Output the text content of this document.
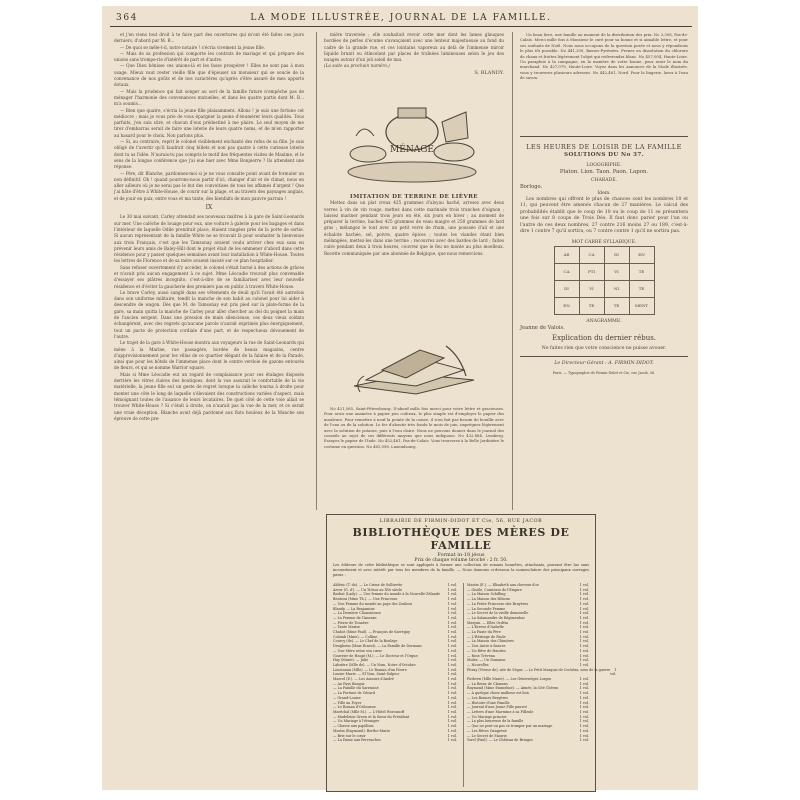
364	LA MODE ILLUSTRÉE, JOURNAL DE LA FAMILLE.

et j'en viens tout droit à te faire part des ouvertures qui m'ont été faites ces jours derniers, d'abord par M. B...

— De quoi se mêle-t-il, notre notaire ! s'écria vivement la jeune fille.

— Mais de sa profession qui comporte les contrats de mariage et qui prépare des unions sans trompe-rie d'intérêt de part et d'autre.

— Que Dieu bénisse ces unions-là et les fasse prospérer ! Elles ne sont pas à mon usage. Mieux vaut rester vieille fille que d'épouser un monsieur qui se soucie de la convenance de nos goûts et de nos caractères qu'après s'être assuré de mes apports dotaux.

— Mais la prudence qui fait songer au sort de la famille future n'empêche pas de ménager l'harmonie des convenances mutuelles, et dans les quatre partis dont M. B... m'a soumis...

— Bien que quatre, s'écria la jeune fille plaisamment. Allons ! je suis une fortune cet médiocre ; mais je vous prie de vous épargner la peine d'énumérer leurs qualités. Tous parfaits, j'en suis sûre, et chacun d'eux prédestiné à me plaire. Le seul moyen de me tirer d'embarras serait de faire une loterie de leurs quatre noms, et de m'en rapporter au hasard pour le choix. Non parlons plus.

— Si, au contraire, reprit le colonel visiblement enchanté des refus de sa fille. Je suis obligé de t'avertir qu'il faudrait cinq billets et non pas quatre à cette curieuse loterie dont tu as l'idée. N'aurais-tu pas compris le motif des fréquentes visites de Maxime, et le sens de la longue conférence que j'ai eue hier avec Mme Bonpierre ? Ils attendent une réponse.

— Père, dit Blanche, pardonnez-moi si je ne vous consulte point avant de formuler un non définitif. Oh ! quand pourrons-nous partir d'ici, changer d'air et de climat, nous en aller ailleurs où je ne serai pas le but des convoitises de tous les affamés d'argent ! Que j'ai hâte d'être à White-House, de courir sur la plage, et au travers des paysages anglais, et de jouir en paix, entre vous et ma tante, des bienfaits de mon pauvre parrain !

IX

Le 30 mai suivant, Carley attendait ses nouveaux maîtres à la gare de Saint-Leonards sur mer. Une calèche de louage pour eux, une voiture à galerie pour les bagages et dans l'intérieur de laquelle Odile prendrait place, étaient rangées près de la porte de sortie. Si aucun représentant de la famille White ne se trouvait là pour souhaiter la bienvenue aux trois Français, c'est que les Tamsonay avaient voulu arriver chez eux sans en prévenir leurs amis de Baley-Hill dont le projet était de les emmener d'abord dans cette résidence pour y passer quelques semaines avant leur installation à White-House. Toutes les lettres de Florence et de sa mère avaient insisté sur ce plan hospitalier.

Sans refuser ouvertement d'y accéder, le colonel s'était borné à des actions de grâces et n'avait pris aucun engagement à ce sujet. Mme Léocadie trouvait plus convenable d'essayer ses plâtres incognito, c'est-à-dire de se familiariser avec leur nouvelle résidence et d'éviter la gaucherie des premiers pas en public à travers White-House.

Le brave Carley, aussi sanglé dans ses vêtements de deuil qu'il l'avait été autrefois dans son uniforme militaire, tendit la manche de son habit au colonel pour lui aider à descendre de wagon. Dès que M. de Tamsonay eut pris pied sur la plate-forme de la gare, sa main quitta la manche de Carley pour aller chercher au del du poignet la main de l'ancien sergent. Dans une pression de main silencieuse, ces deux vieux soldats échangèrent, avec des regrets qu'aucune parole n'aurait exprimés plus énergiquement, tout un pacte de protection cordiale d'une part, et de respectueux dévouement de l'autre.

Le trajet de la gare à White-House montra aux voyageurs la rue de Saint-Leonards qui mène à la Marine, rue passagère, bordée de beaux magasins, centre d'approvisionnement pour les villas de ce quartier élégant de la falaise et de la Parade, ainsi que pour les hôtels de l'immense place dont le centre verdoie de gazons entourés de fleurs, et qui se nomme Warrior square.

Mais si Mme Léocadie eut un regard de complaisance pour ces étalages disposés derrière les vitres claires des boutiques, dont la vue assurait le confortable de la vie matérielle, la jeune fille eut un geste de regret lorsque la calèche tourna à droite pour monter une côte le long de laquelle s'élevaient des constructions variées d'aspect, mais témoignant toutes de l'aisance de leurs locataires. De quel côté de cette voie allait se trouver White-House ? Si c'était à droite, on n'aurait pas la vue de la mer, et ce serait une vraie déception. Blanche avait déjà pardonné aux flots houleux de la Manche son épreuve de cette pre-

mière traversée ; elle souhaitait revoir cette mer dont les lames glauques bordées de perles d'écume s'avançaient avec une lenteur majestueuse au fond du cadre de la grande rue, et ces lointains vaporeux au delà de l'immense miroir liquide brunit ou étincelant par places de traînées lumineuses selon le jeu des nuages autour d'un joli soleil de mai.

(La suite au prochain numéro.)
S. BLANDY.
MÉNAGE
IMITATION DE TERRINE DE LIÈVRE

Mettez dans un plat creux 425 grammes d'aloyau haché, arrosez avec deux verres à vin de vin rouge, mettez dans cette marinade trois tranches d'oignon ; laissez mariner pendant trois jours en été, six jours en hiver ; au moment de préparer la terrine, hachez 425 grammes de veau maigre et 250 grammes de lard gras ; mélangez le tout avec un petit verre de rhum, une poussée d'ail et une échalote hachée, sel, poivre, quatre épices ; toutes les viandes étant bien mélangées, mettez-les dans une terrine ; recouvrez avec des bardes de lard ; faites cuire pendant deux à trois heures, couvrez que le feu ne monte au plus moelleux. Recette communiquée par une abonnée de Belgique, que nous remercions.

No 421,565, Saint-Pétersbourg. D'abord mille fois merci pour votre lettre et gracieuses. Pour avoir une anamèse à papier peu coûteux, le plus simple est d'employer le papier des mouleurs. Pour remettre à neuf la pointe de la caisse, il n'en fait pas besoin de bouillir avec de l'eau ou de la solution. Le fer d'aboutir très fondu le mois de juin, imprégnez légèrement avec la solution de potasse, puis à l'eau claire. Nous ne pouvons donner dans le journal des conseils au sujet de ces différents moyens que nous indiquons. No 432,884, Lemberg. Essayez le papier de l'Inde. No 452,461, Pas-de-Calais. Vous trouverez à la Belle Jardinière le costume en question. No 461,096, Luxembourg.

Un beau livre, une famille au moment de la distribution des prix. No 3,308, Pas-de-Calais. Merci mille fois à Monsieur le curé pour sa bonne et si aimable lettre, et pour ses souhaits de Noël. Nous nous occupons de la question posée et nous y répondrons le plus tôt possible. No 441,209, Basses-Pyrénées. Prenez en dissolution du chlorure de chaux et frottez légèrement l'objet qui redeviendra blanc. No 457,004, Haute-Loire. Un parapluie à la campagne, en la manière de votre bonne, pour avoir le nom du marchand. No 427,079, Haute-Loire. Voyez dans les annonces de la Mode illustrée, vous y trouverez plusieurs adresses. No 442,461, Nord. Pour la lingerie, lavez à l'eau de savon.

LES HEURES DE LOISIR DE LA FAMILLE
SOLUTIONS DU No 37.
LOGOGRIPHE.
Platon. Lion. Taon. Paon. Lapon.
CHARADE.
Borlogo.
Idem.

Les nombres qui offrent le plus de chances sont les nombres 10 et 11, qui peuvent être amenés chacun de 27 manières. Le calcul des probabilités établit que le coup de 10 ou le coup de 11 se présentera une fois sur 8 coups de Trois Dés. Il faut donc parier pour l'un ou l'autre de ces deux nombres, 27 contre 216 moins 27 ou 189, c'est-à-dire 1 contre 7 qu'il sortira, ou 7 contre contre 1 qu'il ne sortira pas.

MOT CARRÉ SYLLABIQUE.
AR	CA	DI	EN
CA	PTI	VI	TE
DI	VI	NI	TE
EN	TE	TE	MENT
ANAGRAMME.
Jeanne de Valois.
Explication du dernier rébus.
Ne faites rien que votre conscience ne puisse avouer.
Le Directeur-Gérant : A. FIRMIN-DIDOT.
Paris. — Typographie de Firmin-Didot et Cie, rue Jacob, 56.
LIBRAIRIE DE FIRMIN-DIDOT ET Cie, 56, RUE JACOB
BIBLIOTHÈQUE DES MÈRES DE FAMILLE
Format in-18 jésus
Prix de chaque volume broché : 2 fr. 50.
Les éditeurs de cette bibliothèque se sont appliqués à former une collection de romans honnêtes, attachants, pouvant être lus sans inconvénient et avec intérêt par tous les membres de la famille. — Nous donnons ci-dessous la nomenclature des principaux ouvrages parus :
Aldéric (T. de). — Le Crime de Sollivette	1 vol.
Arvor (G. d'). — Un Trésor au XVe siècle	1 vol.
Barbat (Lady). — Une femme du monde à la Nouvelle-Zélande	1 vol.
Bentzon (Mme Th.). — Une Princesse	1 vol.
— Une Femme du monde au pays des Zoulous	1 vol.
Blandy. — La Benjamine	1 vol.
— La Dernière Chanoinesse	1 vol.
— La Femme de l'Annexe	1 vol.
— Pierre de Tonnère	1 vol.
— Tante Marise	1 vol.
Chabot (Mme Paul). — François de Sarrègny	1 vol.
Colomb (Mme). — Colline	1 vol.
Courcy (de). — Le Chef de la Boulaye	1 vol.
Dengheim (Mme Ernest). — La Famille de Dormans	1 vol.
— Une Mère selon son cœur	1 vol.
Gouvrier de Haupt (M.). — Le Docteur et l'Orgue	1 vol.
Hay (Marie). — Julie	1 vol.
Labrière (Mlle de). — Un Nom, Notre d'Octobre	1 vol.
Loustanuu (Mlle). — Le Roman d'un Pierre	1 vol.
Louise-Marie. — El Vom, Saint-Sulpice	1 vol.
Marcel (E.). — Les Amours d'André	1 vol.
— Au Pays Basque	1 vol.
— La Famille du Sarrasinè	1 vol.
— La Fortune de Gérard	1 vol.
— Grand-Louise	1 vol.
— Fille au Foyer	1 vol.
— Le Roman d'Osbourne	1 vol.
Maréchal (Mlle M.). — L'Hôtel Woronsoff	1 vol.
— Madeleine Green et la Sœur du Président	1 vol.
— Un Mariage à l'étranger	1 vol.
— Chasse aux papillons	1 vol.
Martin (Raymond). Berthe-Marie	1 vol.
— Brie sur le cœur	1 vol.
— La Dame aux Pervenches	1 vol.
Martin (E.). — Elisabeth aux cheveux d'or	1 vol.
— Gisèle, Comtesse de l'Empire	1 vol.
— La Maison Schilling	1 vol.
— La Maison des Hiboux	1 vol.
— La Petite Princesse des Bruyères	1 vol.
— La Seconde Femme	1 vol.
— Le Secret de la vieille demoiselle	1 vol.
— La Salamandre de Régimenbac	1 vol.
Maryan. — Elles Ordéia	1 vol.
— L'Erreur d'Isabelle	1 vol.
— La Faute du Père	1 vol.
— L'Héritage de Paule	1 vol.
— La Maison des Chimères	1 vol.
— Une Autre à fiancer	1 vol.
— Un Rêve de Hauties	1 vol.
— Rose Trévena	1 vol.
Mulez. — Un Domaine	1 vol.
— Nouvelles	1 vol.
Pitray (Vtesse de), née de Ségur. — Le Petit Marquis de Cochéas, sous de la guerre	1 vol.
Puthven (Mlle Marie). — Les Génievièges Lorges	1 vol.
— La Reine de Clamons	1 vol.
Raymond (Mme Emmeline). — Aimée, la Cité Chéron	1 vol.
— A quelque chose malheur est bon	1 vol.
— Les Bonnes Bergères	1 vol.
— Histoire d'une Famille	1 vol.
— Journal d'une Jeune Fille pauvre	1 vol.
— Lettres d'une Marraine à sa Filleule	1 vol.
— Un Mariage princier	1 vol.
— La plus heureuse de la famille	1 vol.
— Que ne peut-on pas se tromper par un mariage	1 vol.
— Les Rêves Gangréné	1 vol.
— Le Secret de Maurie	1 vol.
Yorel (Paul). — Le Château de Bringes	1 vol.
